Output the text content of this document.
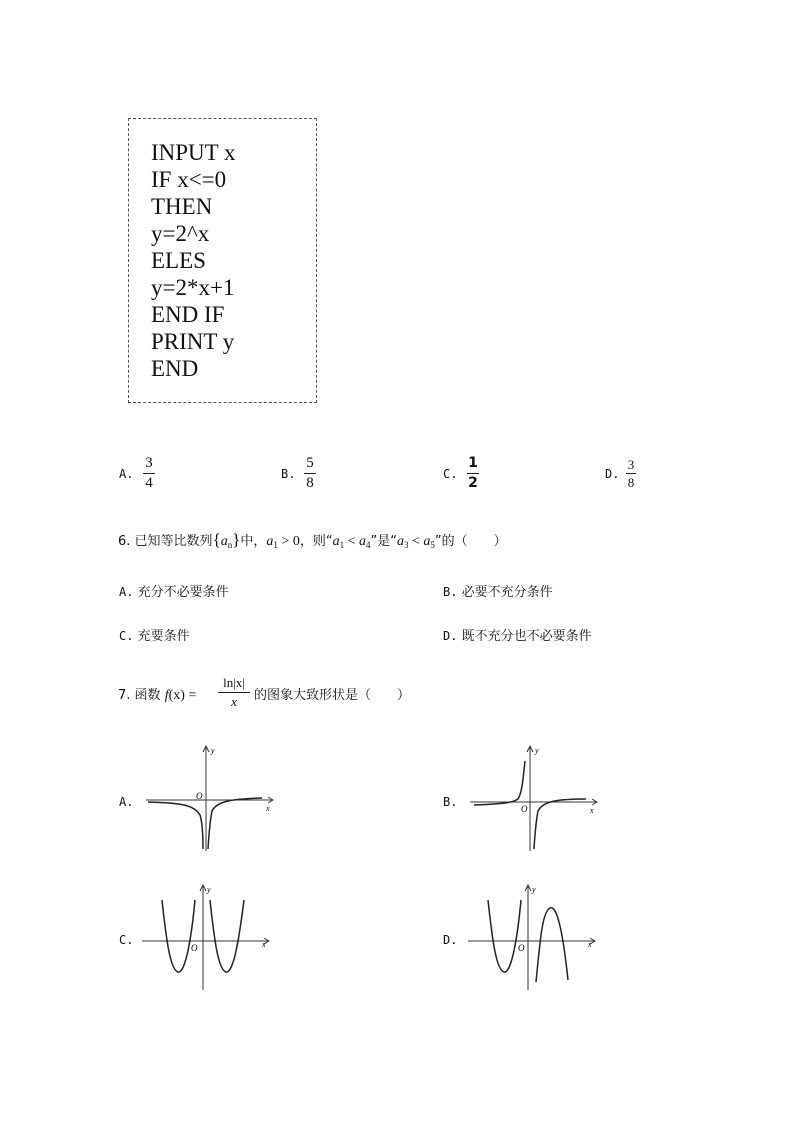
INPUT x
IF x<=0
THEN
y=2^x
ELES
y=2*x+1
END IF
PRINT y
END
A.
3
4
B.
5
8
C.
1
2
D.
3
8
6. 已知等比数列$\{a_n\}$中，$a_1 > 0$，则“$a_1 < a_4$”是“$a_3 < a_5$”的（　　）
A. 充分不必要条件	B. 必要不充分条件
C. 充要条件	D. 既不充分也不必要条件
7. 函数 f(x) =
ln|x|
x 的图象大致形状是（　　）
A.	O
x
y
B.	O	x
y
C.
O	x
y
D.
O	x
y
